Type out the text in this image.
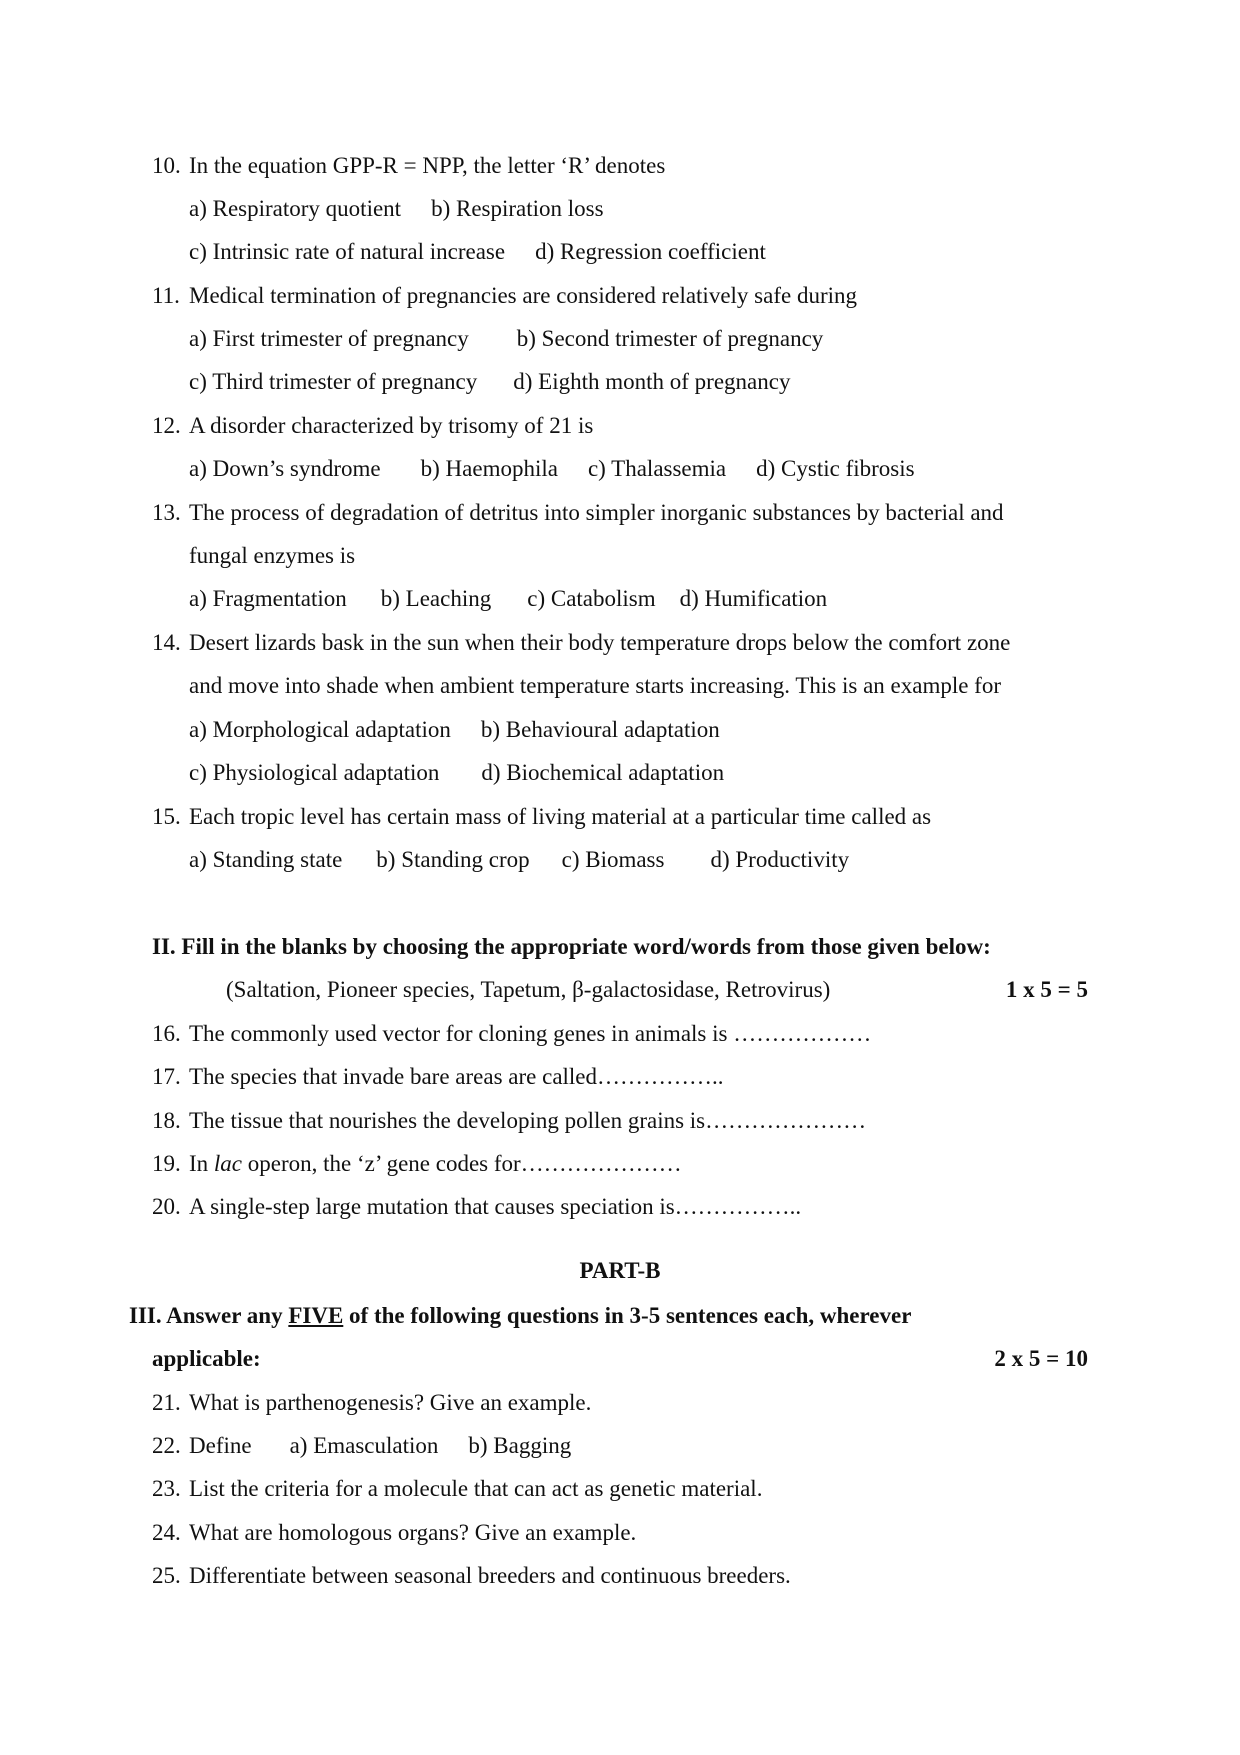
10. In the equation GPP-R = NPP, the letter ‘R’ denotes
a) Respiratory quotient b) Respiration loss
c) Intrinsic rate of natural increase d) Regression coefficient
11. Medical termination of pregnancies are considered relatively safe during
a) First trimester of pregnancy b) Second trimester of pregnancy
c) Third trimester of pregnancy d) Eighth month of pregnancy
12. A disorder characterized by trisomy of 21 is
a) Down’s syndrome b) Haemophila c) Thalassemia d) Cystic fibrosis
13. The process of degradation of detritus into simpler inorganic substances by bacterial and
fungal enzymes is
a) Fragmentation b) Leaching c) Catabolism d) Humification
14. Desert lizards bask in the sun when their body temperature drops below the comfort zone
and move into shade when ambient temperature starts increasing. This is an example for
a) Morphological adaptation b) Behavioural adaptation
c) Physiological adaptation d) Biochemical adaptation
15. Each tropic level has certain mass of living material at a particular time called as
a) Standing state b) Standing crop c) Biomass d) Productivity
II. Fill in the blanks by choosing the appropriate word/words from those given below:
(Saltation, Pioneer species, Tapetum, β-galactosidase, Retrovirus)	1 x 5 = 5
16. The commonly used vector for cloning genes in animals is ………………
17. The species that invade bare areas are called……………..
18. The tissue that nourishes the developing pollen grains is…………………
19. In lac operon, the ‘z’ gene codes for…………………
20. A single-step large mutation that causes speciation is……………..
PART-B
III. Answer any FIVE of the following questions in 3-5 sentences each, wherever
applicable:	2 x 5 = 10
21. What is parthenogenesis? Give an example.
22. Define a) Emasculation b) Bagging
23. List the criteria for a molecule that can act as genetic material.
24. What are homologous organs? Give an example.
25. Differentiate between seasonal breeders and continuous breeders.
